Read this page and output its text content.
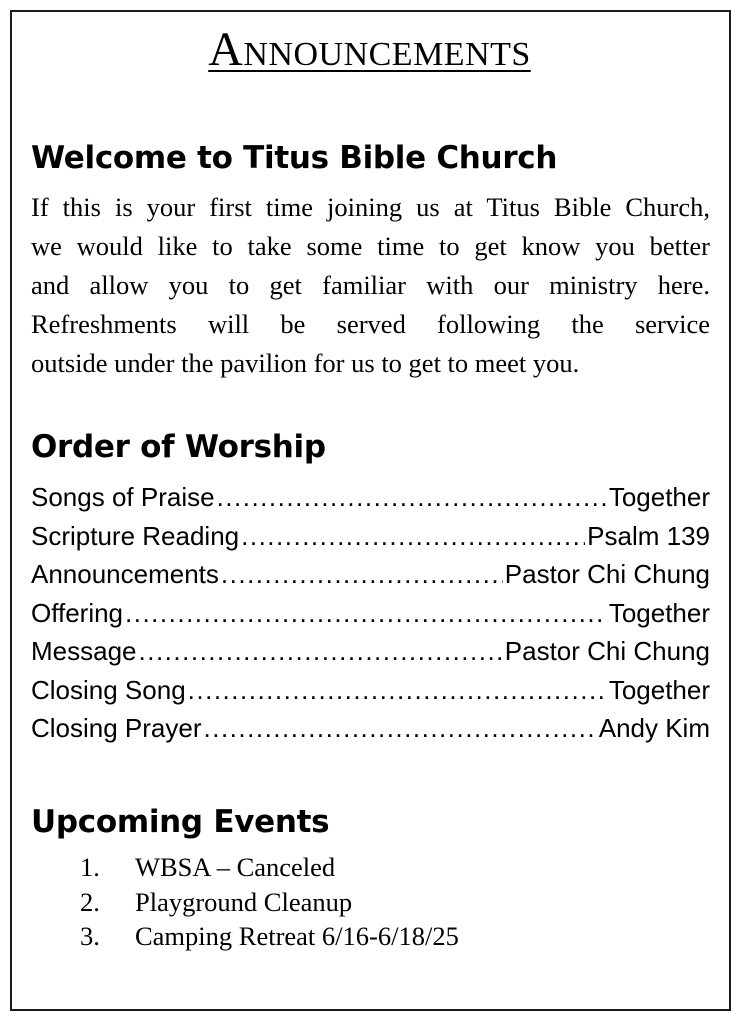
Announcements
Welcome to Titus Bible Church
If this is your first time joining us at Titus Bible Church,
we would like to take some time to get know you better
and allow you to get familiar with our ministry here.
Refreshments will be served following the service
outside under the pavilion for us to get to meet you.
Order of Worship
Songs of Praise .....	Together
Scripture Reading .....	Psalm 139
Announcements .....	Pastor Chi Chung
Offering .....	Together
Message .....	Pastor Chi Chung
Closing Song .....	Together
Closing Prayer .....	Andy Kim
Upcoming Events
1.	WBSA – Canceled
2.	Playground Cleanup
3.	Camping Retreat 6/16-6/18/25
